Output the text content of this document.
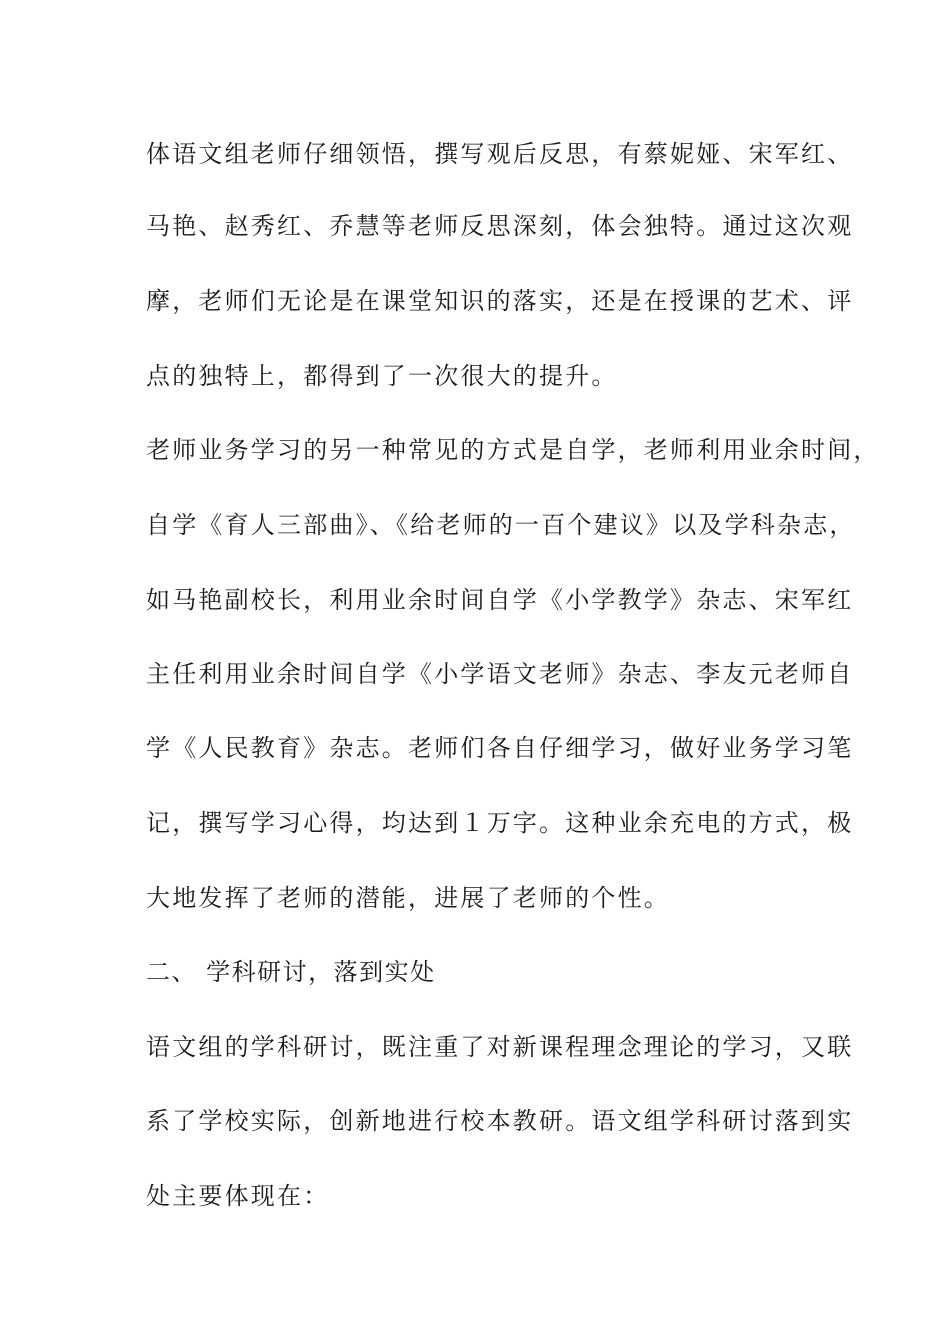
体语文组老师仔细领悟，撰写观后反思，有蔡妮娅、宋军红、
马艳、赵秀红、乔慧等老师反思深刻，体会独特。通过这次观
摩，老师们无论是在课堂知识的落实，还是在授课的艺术、评
点的独特上，都得到了一次很大的提升。
老师业务学习的另一种常见的方式是自学，老师利用业余时间，
自学《育人三部曲》、《给老师的一百个建议》以及学科杂志，
如马艳副校长，利用业余时间自学《小学教学》杂志、宋军红
主任利用业余时间自学《小学语文老师》杂志、李友元老师自
学《人民教育》杂志。老师们各自仔细学习，做好业务学习笔
记，撰写学习心得，均达到１万字。这种业余充电的方式，极
大地发挥了老师的潜能，进展了老师的个性。
二、 学科研讨，落到实处
语文组的学科研讨，既注重了对新课程理念理论的学习，又联
系了学校实际，创新地进行校本教研。语文组学科研讨落到实
处主要体现在：
